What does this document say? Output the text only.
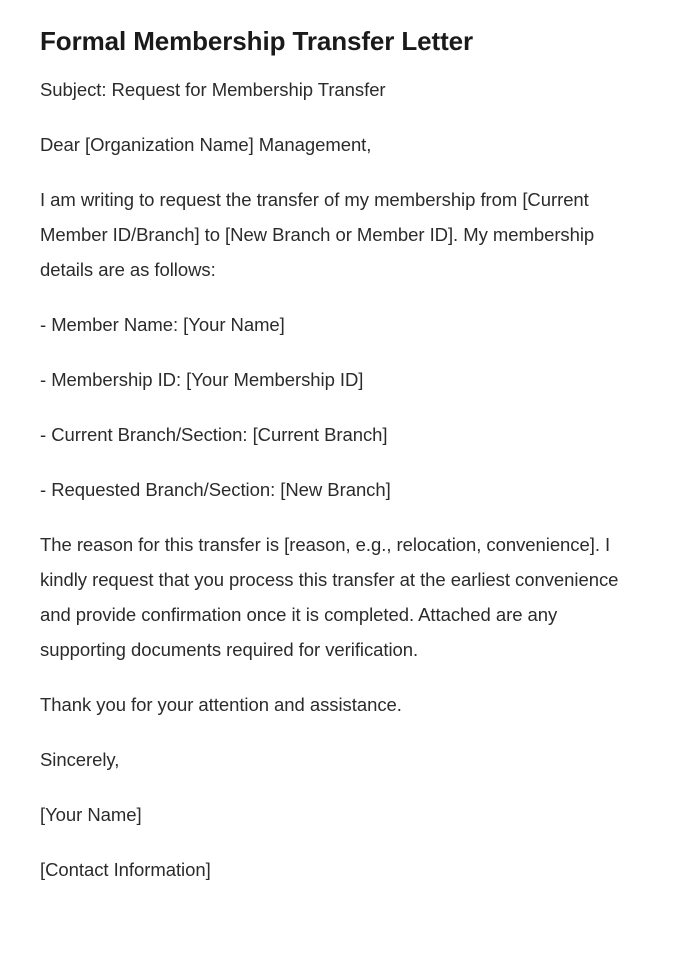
Formal Membership Transfer Letter

Subject: Request for Membership Transfer

Dear [Organization Name] Management,

I am writing to request the transfer of my membership from [Current Member ID/Branch] to [New Branch or Member ID]. My membership details are as follows:

- Member Name: [Your Name]

- Membership ID: [Your Membership ID]

- Current Branch/Section: [Current Branch]

- Requested Branch/Section: [New Branch]

The reason for this transfer is [reason, e.g., relocation, convenience]. I kindly request that you process this transfer at the earliest convenience and provide confirmation once it is completed. Attached are any supporting documents required for verification.

Thank you for your attention and assistance.

Sincerely,

[Your Name]

[Contact Information]
